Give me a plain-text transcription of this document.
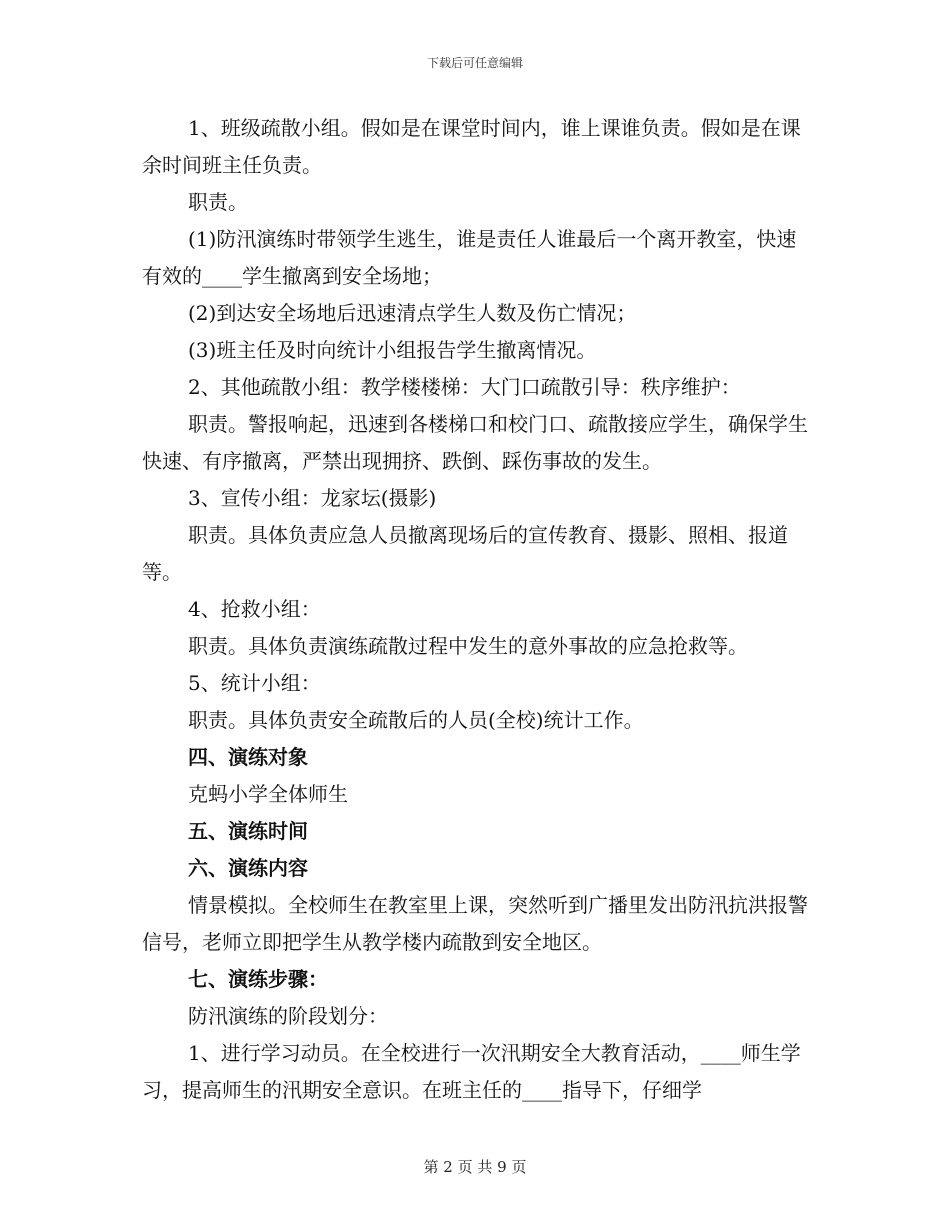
下载后可任意编辑

1、班级疏散小组。假如是在课堂时间内，谁上课谁负责。假如是在课余时间班主任负责。

职责。

(1)防汛演练时带领学生逃生，谁是责任人谁最后一个离开教室，快速有效的____学生撤离到安全场地；

(2)到达安全场地后迅速清点学生人数及伤亡情况；

(3)班主任及时向统计小组报告学生撤离情况。

2、其他疏散小组：教学楼楼梯：大门口疏散引导：秩序维护：

职责。警报响起，迅速到各楼梯口和校门口、疏散接应学生，确保学生快速、有序撤离，严禁出现拥挤、跌倒、踩伤事故的发生。

3、宣传小组：龙家坛(摄影)

职责。具体负责应急人员撤离现场后的宣传教育、摄影、照相、报道等。

4、抢救小组：

职责。具体负责演练疏散过程中发生的意外事故的应急抢救等。

5、统计小组：

职责。具体负责安全疏散后的人员(全校)统计工作。

四、演练对象

克蚂小学全体师生

五、演练时间

六、演练内容

情景模拟。全校师生在教室里上课，突然听到广播里发出防汛抗洪报警信号，老师立即把学生从教学楼内疏散到安全地区。

七、演练步骤：

防汛演练的阶段划分：

1、进行学习动员。在全校进行一次汛期安全大教育活动，____师生学习，提高师生的汛期安全意识。在班主任的____指导下，仔细学

第 2 页 共 9 页
